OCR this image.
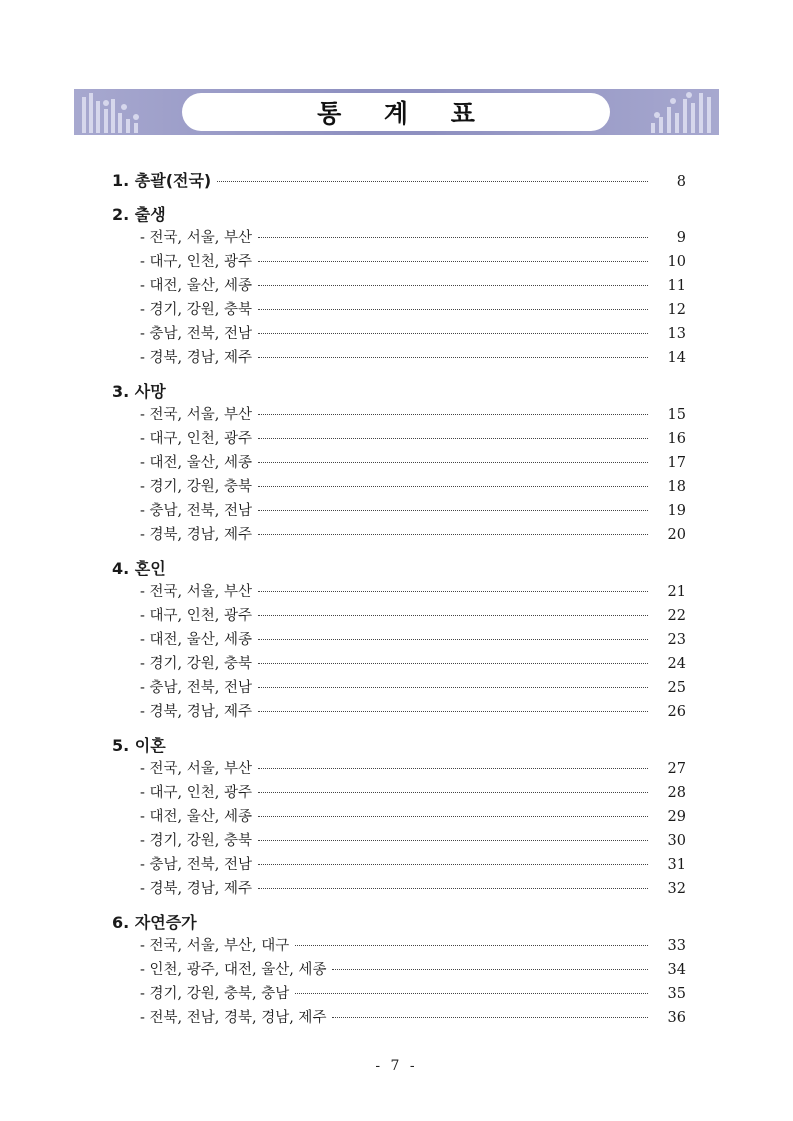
통 계 표
1. 총괄(전국)	8
2. 출생
- 전국, 서울, 부산	9
- 대구, 인천, 광주	10
- 대전, 울산, 세종	11
- 경기, 강원, 충북	12
- 충남, 전북, 전남	13
- 경북, 경남, 제주	14
3. 사망
- 전국, 서울, 부산	15
- 대구, 인천, 광주	16
- 대전, 울산, 세종	17
- 경기, 강원, 충북	18
- 충남, 전북, 전남	19
- 경북, 경남, 제주	20
4. 혼인
- 전국, 서울, 부산	21
- 대구, 인천, 광주	22
- 대전, 울산, 세종	23
- 경기, 강원, 충북	24
- 충남, 전북, 전남	25
- 경북, 경남, 제주	26
5. 이혼
- 전국, 서울, 부산	27
- 대구, 인천, 광주	28
- 대전, 울산, 세종	29
- 경기, 강원, 충북	30
- 충남, 전북, 전남	31
- 경북, 경남, 제주	32
6. 자연증가
- 전국, 서울, 부산, 대구	33
- 인천, 광주, 대전, 울산, 세종	34
- 경기, 강원, 충북, 충남	35
- 전북, 전남, 경북, 경남, 제주	36
- 7 -
